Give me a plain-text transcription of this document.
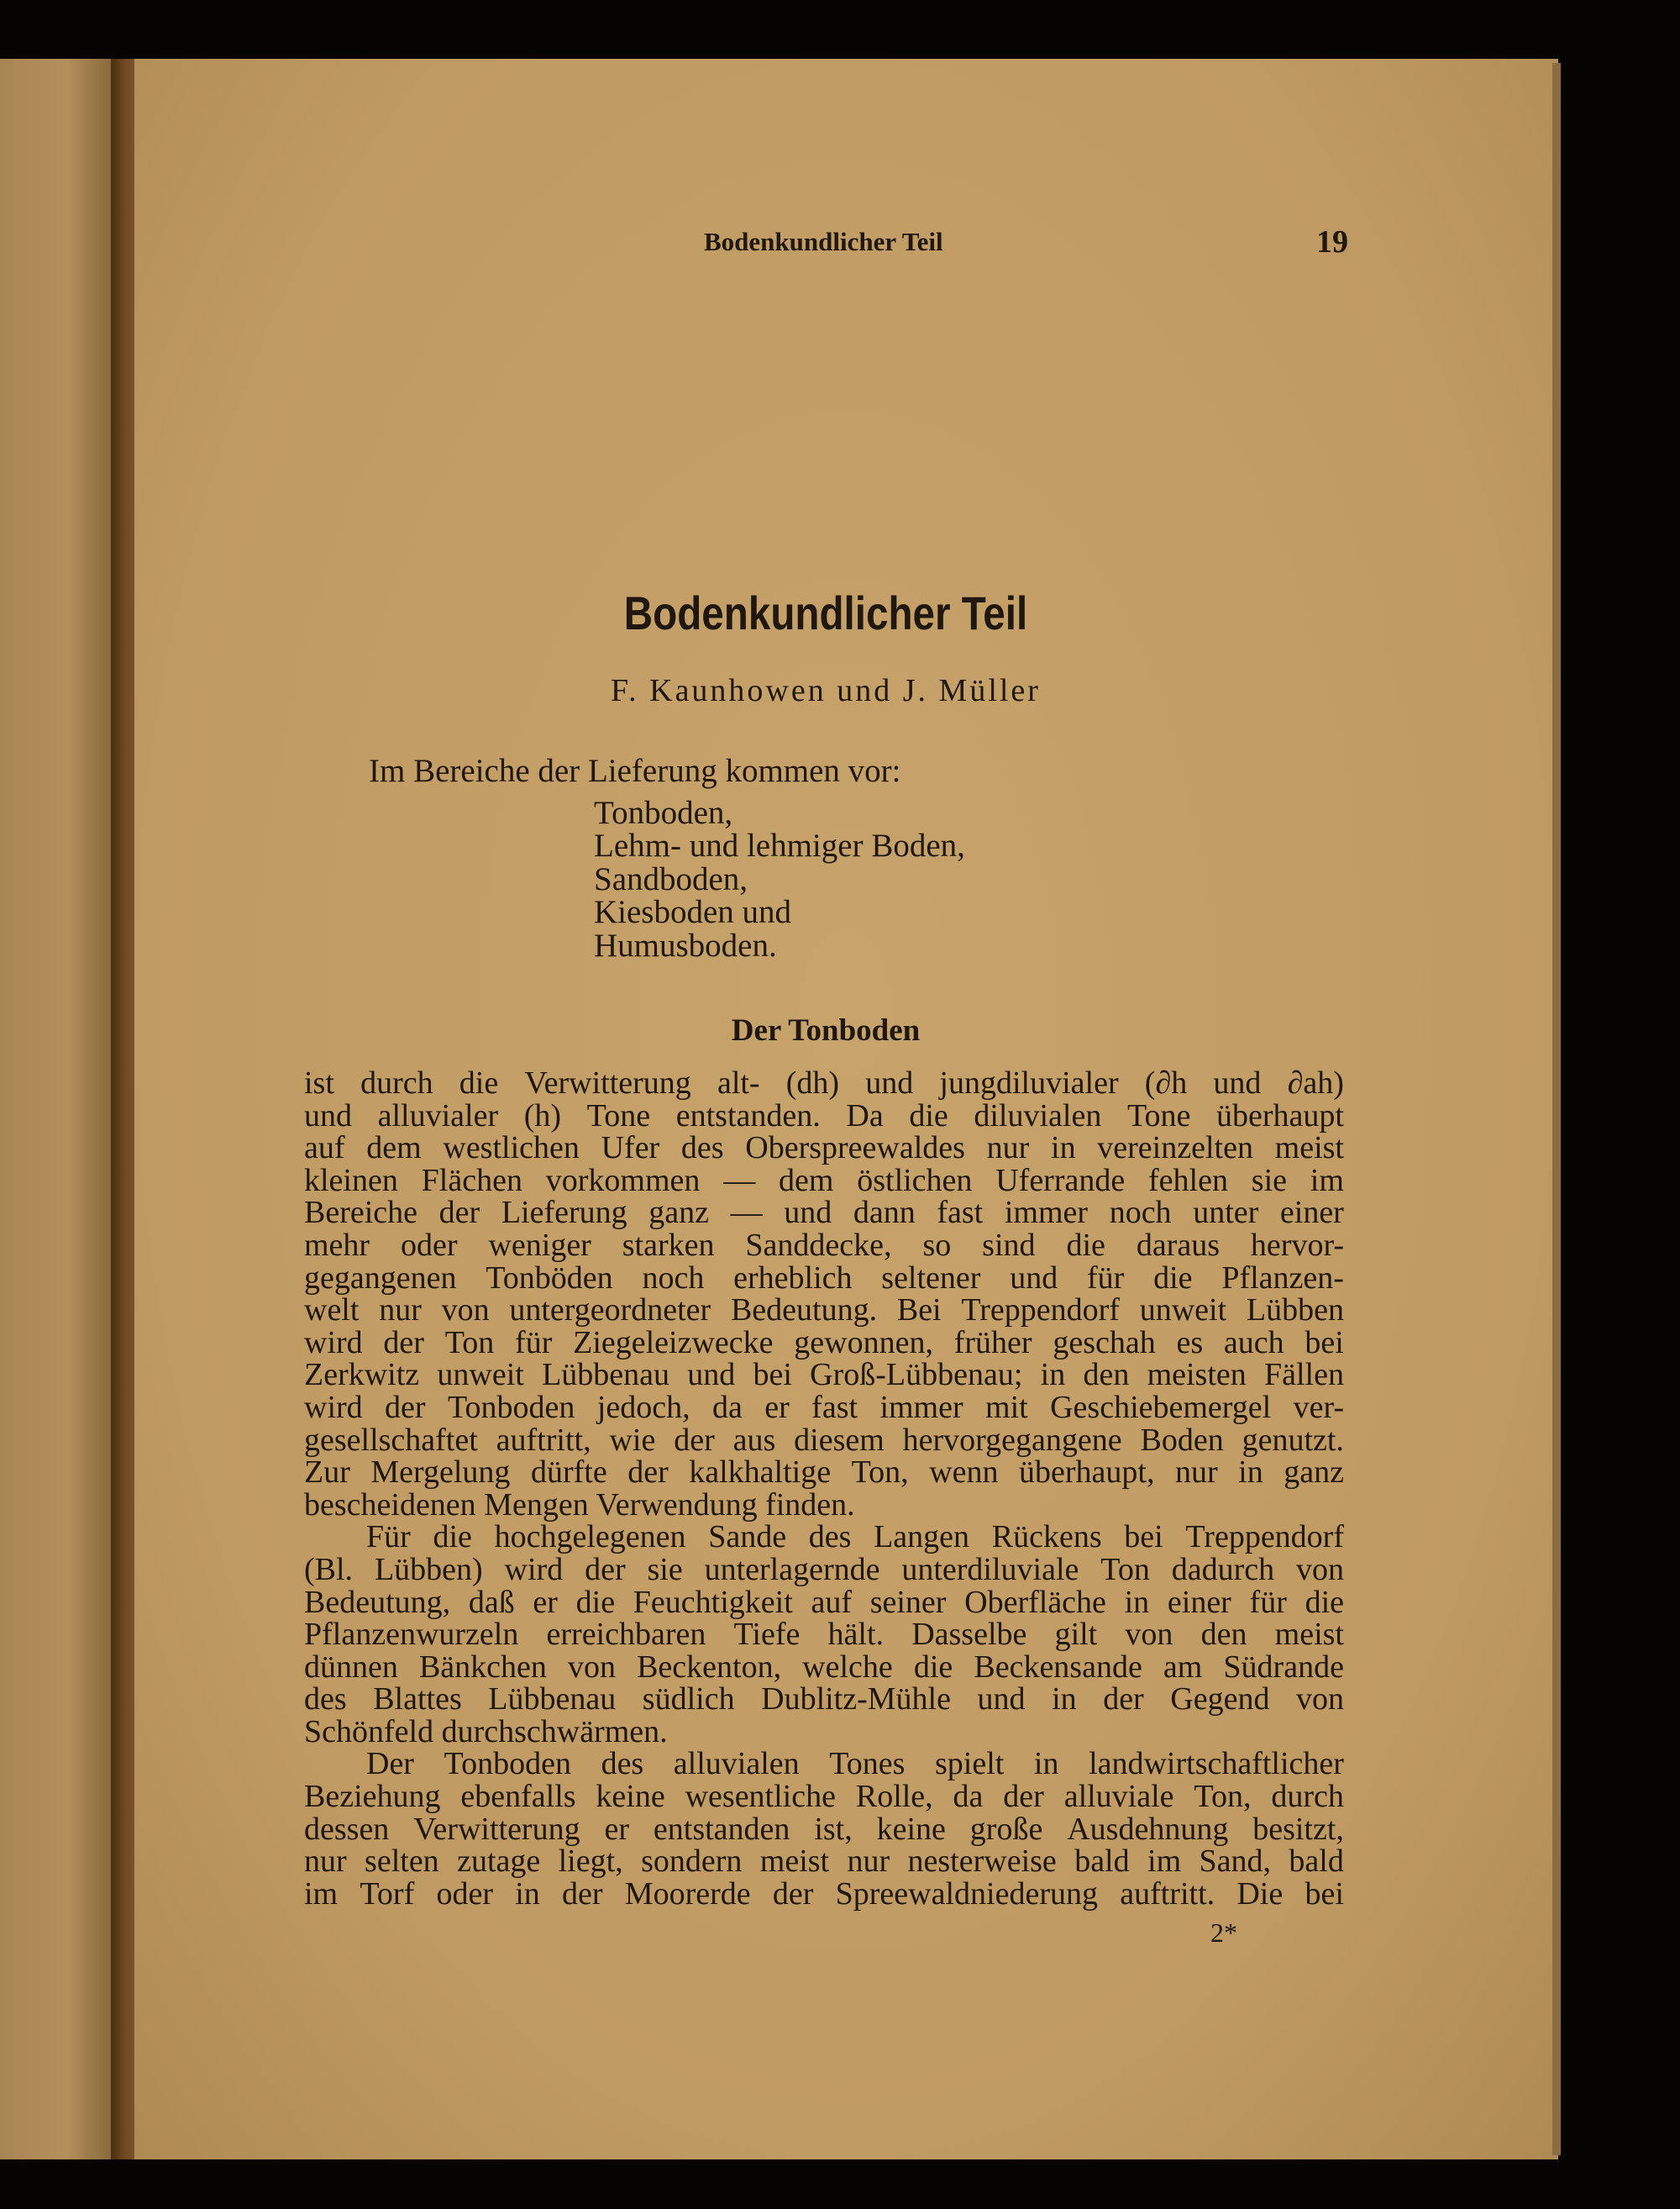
Bodenkundlicher Teil	19
Bodenkundlicher Teil
F. Kaunhowen und J. Müller
Im Bereiche der Lieferung kommen vor:
Tonboden,
Lehm- und lehmiger Boden,
Sandboden,
Kiesboden und
Humusboden.
Der Tonboden
ist durch die Verwitterung alt- (dh) und jungdiluvialer (∂h und ∂ah)
und alluvialer (h) Tone entstanden. Da die diluvialen Tone überhaupt
auf dem westlichen Ufer des Oberspreewaldes nur in vereinzelten meist
kleinen Flächen vorkommen — dem östlichen Uferrande fehlen sie im
Bereiche der Lieferung ganz — und dann fast immer noch unter einer
mehr oder weniger starken Sanddecke, so sind die daraus hervor-
gegangenen Tonböden noch erheblich seltener und für die Pflanzen-
welt nur von untergeordneter Bedeutung. Bei Treppendorf unweit Lübben
wird der Ton für Ziegeleizwecke gewonnen, früher geschah es auch bei
Zerkwitz unweit Lübbenau und bei Groß-Lübbenau; in den meisten Fällen
wird der Tonboden jedoch, da er fast immer mit Geschiebemergel ver-
gesellschaftet auftritt, wie der aus diesem hervorgegangene Boden genutzt.
Zur Mergelung dürfte der kalkhaltige Ton, wenn überhaupt, nur in ganz
bescheidenen Mengen Verwendung finden.
Für die hochgelegenen Sande des Langen Rückens bei Treppendorf
(Bl. Lübben) wird der sie unterlagernde unterdiluviale Ton dadurch von
Bedeutung, daß er die Feuchtigkeit auf seiner Oberfläche in einer für die
Pflanzenwurzeln erreichbaren Tiefe hält. Dasselbe gilt von den meist
dünnen Bänkchen von Beckenton, welche die Beckensande am Südrande
des Blattes Lübbenau südlich Dublitz-Mühle und in der Gegend von
Schönfeld durchschwärmen.
Der Tonboden des alluvialen Tones spielt in landwirtschaftlicher
Beziehung ebenfalls keine wesentliche Rolle, da der alluviale Ton, durch
dessen Verwitterung er entstanden ist, keine große Ausdehnung besitzt,
nur selten zutage liegt, sondern meist nur nesterweise bald im Sand, bald
im Torf oder in der Moorerde der Spreewaldniederung auftritt. Die bei
2*
